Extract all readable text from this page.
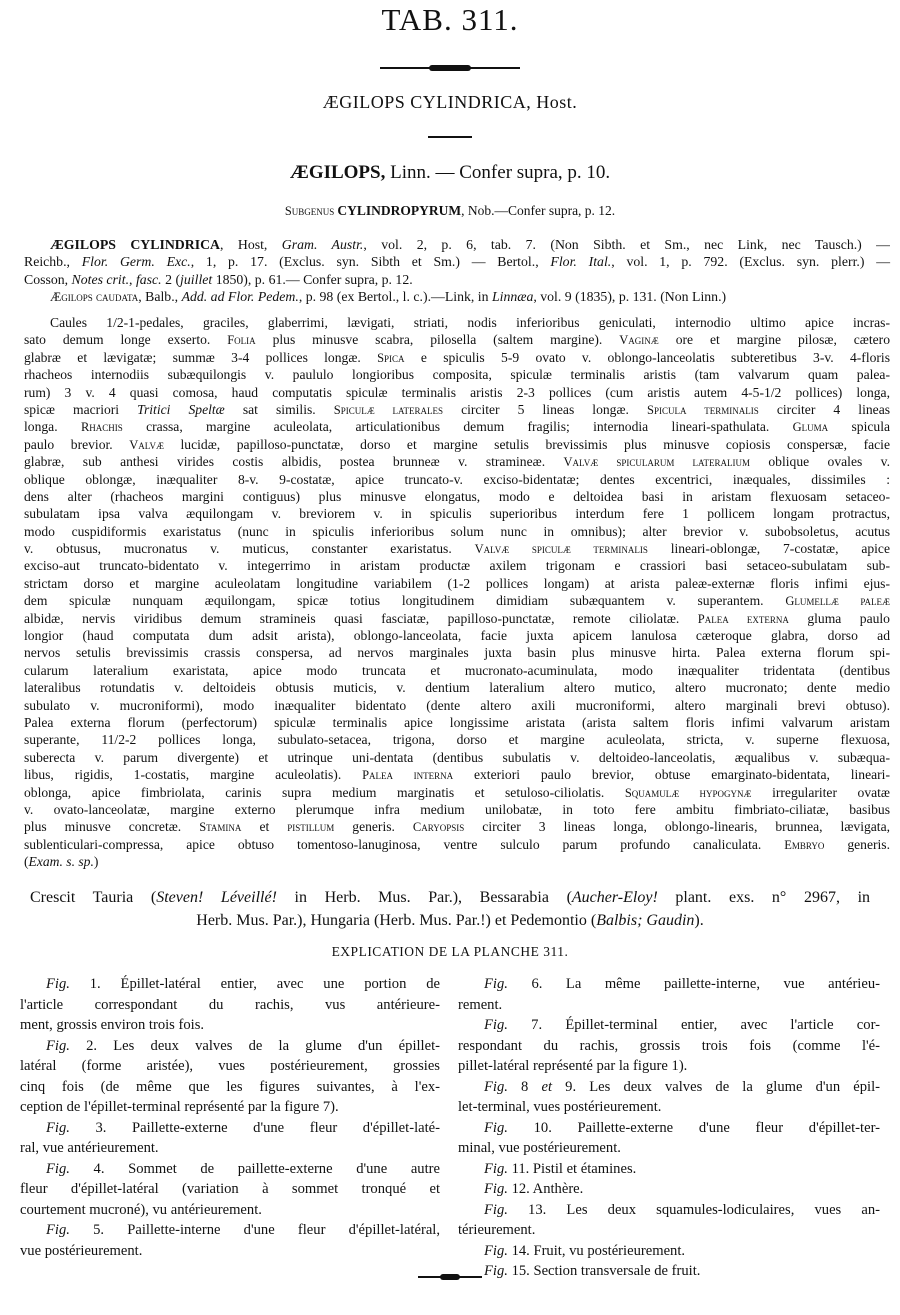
TAB. 311.
ÆGILOPS CYLINDRICA, Host.
ÆGILOPS, Linn. — Confer supra, p. 10.
Subgenus CYLINDROPYRUM, Nob.—Confer supra, p. 12.
ÆGILOPS CYLINDRICA, Host, Gram. Austr., vol. 2, p. 6, tab. 7. (Non Sibth. et Sm., nec Link, nec Tausch.) —
Reichb., Flor. Germ. Exc., 1, p. 17. (Exclus. syn. Sibth et Sm.) — Bertol., Flor. Ital., vol. 1, p. 792. (Exclus. syn. plerr.) —
Cosson, Notes crit., fasc. 2 (juillet 1850), p. 61.— Confer supra, p. 12.
Ægilops caudata, Balb., Add. ad Flor. Pedem., p. 98 (ex Bertol., l. c.).—Link, in Linnæa, vol. 9 (1835), p. 131. (Non Linn.)
Caules 1/2-1-pedales, graciles, glaberrimi, lævigati, striati, nodis inferioribus geniculati, internodio ultimo apice incras-
sato demum longe exserto. Folia plus minusve scabra, pilosella (saltem margine). Vaginæ ore et margine pilosæ, cætero
glabræ et lævigatæ; summæ 3-4 pollices longæ. Spica e spiculis 5-9 ovato v. oblongo-lanceolatis subteretibus 3-v. 4-floris
rhacheos internodiis subæquilongis v. paululo longioribus composita, spiculæ terminalis aristis (tam valvarum quam palea-
rum) 3 v. 4 quasi comosa, haud computatis spiculæ terminalis aristis 2-3 pollices (cum aristis autem 4-5-1/2 pollices) longa,
spicæ macriori Tritici Speltæ sat similis. Spiculæ laterales circiter 5 lineas longæ. Spicula terminalis circiter 4 lineas
longa. Rhachis crassa, margine aculeolata, articulationibus demum fragilis; internodia lineari-spathulata. Gluma spicula
paulo brevior. Valvæ lucidæ, papilloso-punctatæ, dorso et margine setulis brevissimis plus minusve copiosis conspersæ, facie
glabræ, sub anthesi virides costis albidis, postea brunneæ v. stramineæ. Valvæ spicularum lateralium oblique ovales v.
oblique oblongæ, inæqualiter 8-v. 9-costatæ, apice truncato-v. exciso-bidentatæ; dentes excentrici, inæquales, dissimiles :
dens alter (rhacheos margini contiguus) plus minusve elongatus, modo e deltoidea basi in aristam flexuosam setaceo-
subulatam ipsa valva æquilongam v. breviorem v. in spiculis superioribus interdum fere 1 pollicem longam protractus,
modo cuspidiformis exaristatus (nunc in spiculis inferioribus solum nunc in omnibus); alter brevior v. subobsoletus, acutus
v. obtusus, mucronatus v. muticus, constanter exaristatus. Valvæ spiculæ terminalis lineari-oblongæ, 7-costatæ, apice
exciso-aut truncato-bidentato v. integerrimo in aristam productæ axilem trigonam e crassiori basi setaceo-subulatam sub-
strictam dorso et margine aculeolatam longitudine variabilem (1-2 pollices longam) at arista paleæ-externæ floris infimi ejus-
dem spiculæ nunquam æquilongam, spicæ totius longitudinem dimidiam subæquantem v. superantem. Glumellæ paleæ
albidæ, nervis viridibus demum stramineis quasi fasciatæ, papilloso-punctatæ, remote ciliolatæ. Palea externa gluma paulo
longior (haud computata dum adsit arista), oblongo-lanceolata, facie juxta apicem lanulosa cæteroque glabra, dorso ad
nervos setulis brevissimis crassis conspersa, ad nervos marginales juxta basin plus minusve hirta. Palea externa florum spi-
cularum lateralium exaristata, apice modo truncata et mucronato-acuminulata, modo inæqualiter tridentata (dentibus
lateralibus rotundatis v. deltoideis obtusis muticis, v. dentium lateralium altero mutico, altero mucronato; dente medio
subulato v. mucroniformi), modo inæqualiter bidentato (dente altero axili mucroniformi, altero marginali brevi obtuso).
Palea externa florum (perfectorum) spiculæ terminalis apice longissime aristata (arista saltem floris infimi valvarum aristam
superante, 11/2-2 pollices longa, subulato-setacea, trigona, dorso et margine aculeolata, stricta, v. superne flexuosa,
suberecta v. parum divergente) et utrinque uni-dentata (dentibus subulatis v. deltoideo-lanceolatis, æqualibus v. subæqua-
libus, rigidis, 1-costatis, margine aculeolatis). Palea interna exteriori paulo brevior, obtuse emarginato-bidentata, lineari-
oblonga, apice fimbriolata, carinis supra medium marginatis et setuloso-ciliolatis. Squamulæ hypogynæ irregulariter ovatæ
v. ovato-lanceolatæ, margine externo plerumque infra medium unilobatæ, in toto fere ambitu fimbriato-ciliatæ, basibus
plus minusve concretæ. Stamina et pistillum generis. Caryopsis circiter 3 lineas longa, oblongo-linearis, brunnea, lævigata,
sublenticulari-compressa, apice obtuso tomentoso-lanuginosa, ventre sulculo parum profundo canaliculata. Embryo generis.
(Exam. s. sp.)
Crescit Tauria (Steven! Léveillé! in Herb. Mus. Par.), Bessarabia (Aucher-Eloy! plant. exs. n° 2967, in
Herb. Mus. Par.), Hungaria (Herb. Mus. Par.!) et Pedemontio (Balbis; Gaudin).
EXPLICATION DE LA PLANCHE 311.
Fig. 1. Épillet-latéral entier, avec une portion de
l'article correspondant du rachis, vus antérieure-
ment, grossis environ trois fois.
Fig. 2. Les deux valves de la glume d'un épillet-
latéral (forme aristée), vues postérieurement, grossies
cinq fois (de même que les figures suivantes, à l'ex-
ception de l'épillet-terminal représenté par la figure 7).
Fig. 3. Paillette-externe d'une fleur d'épillet-laté-
ral, vue antérieurement.
Fig. 4. Sommet de paillette-externe d'une autre
fleur d'épillet-latéral (variation à sommet tronqué et
courtement mucroné), vu antérieurement.
Fig. 5. Paillette-interne d'une fleur d'épillet-latéral,
vue postérieurement.
Fig. 6. La même paillette-interne, vue antérieu-
rement.
Fig. 7. Épillet-terminal entier, avec l'article cor-
respondant du rachis, grossis trois fois (comme l'é-
pillet-latéral représenté par la figure 1).
Fig. 8 et 9. Les deux valves de la glume d'un épil-
let-terminal, vues postérieurement.
Fig. 10. Paillette-externe d'une fleur d'épillet-ter-
minal, vue postérieurement.
Fig. 11. Pistil et étamines.
Fig. 12. Anthère.
Fig. 13. Les deux squamules-lodiculaires, vues an-
térieurement.
Fig. 14. Fruit, vu postérieurement.
Fig. 15. Section transversale de fruit.
